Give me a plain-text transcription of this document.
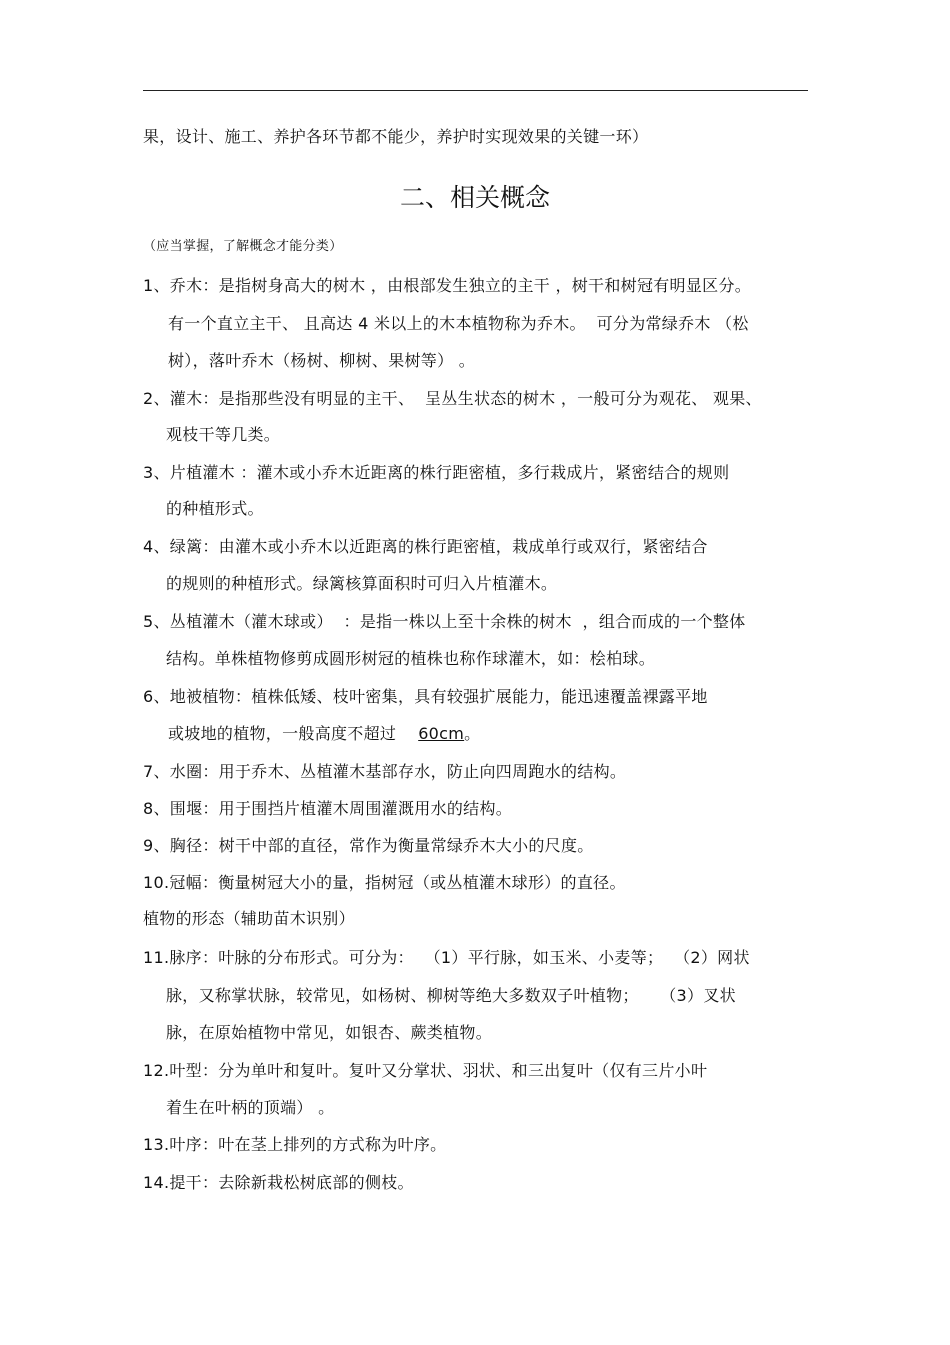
果，设计、施工、养护各环节都不能少，养护时实现效果的关键一环）
二、相关概念
（应当掌握，了解概念才能分类）
1、乔木：是指树身高大的树木 ，由根部发生独立的主干 ，树干和树冠有明显区分。
有一个直立主干、 且高达 4 米以上的木本植物称为乔木。  可分为常绿乔木 （松
树），落叶乔木（杨树、柳树、果树等） 。
2、灌木：是指那些没有明显的主干、  呈丛生状态的树木 ，一般可分为观花、 观果、
观枝干等几类。
3、片植灌木 ：灌木或小乔木近距离的株行距密植，多行栽成片，紧密结合的规则
的种植形式。
4、绿篱：由灌木或小乔木以近距离的株行距密植，栽成单行或双行，紧密结合
的规则的种植形式。绿篱核算面积时可归入片植灌木。
5、丛植灌木（灌木球或）  ：是指一株以上至十余株的树木  ，组合而成的一个整体
结构。单株植物修剪成圆形树冠的植株也称作球灌木，如：桧柏球。
6、地被植物：植株低矮、枝叶密集，具有较强扩展能力，能迅速覆盖裸露平地
或坡地的植物，一般高度不超过 60cm。
7、水圈：用于乔木、丛植灌木基部存水，防止向四周跑水的结构。
8、围堰：用于围挡片植灌木周围灌溉用水的结构。
9、胸径：树干中部的直径，常作为衡量常绿乔木大小的尺度。
10.冠幅：衡量树冠大小的量，指树冠（或丛植灌木球形）的直径。
植物的形态（辅助苗木识别）
11.脉序：叶脉的分布形式。可分为：  （1）平行脉，如玉米、小麦等；  （2）网状
脉，又称掌状脉，较常见，如杨树、柳树等绝大多数双子叶植物；    （3）叉状
脉，在原始植物中常见，如银杏、蕨类植物。
12.叶型：分为单叶和复叶。复叶又分掌状、羽状、和三出复叶（仅有三片小叶
着生在叶柄的顶端） 。
13.叶序：叶在茎上排列的方式称为叶序。
14.提干：去除新栽松树底部的侧枝。
